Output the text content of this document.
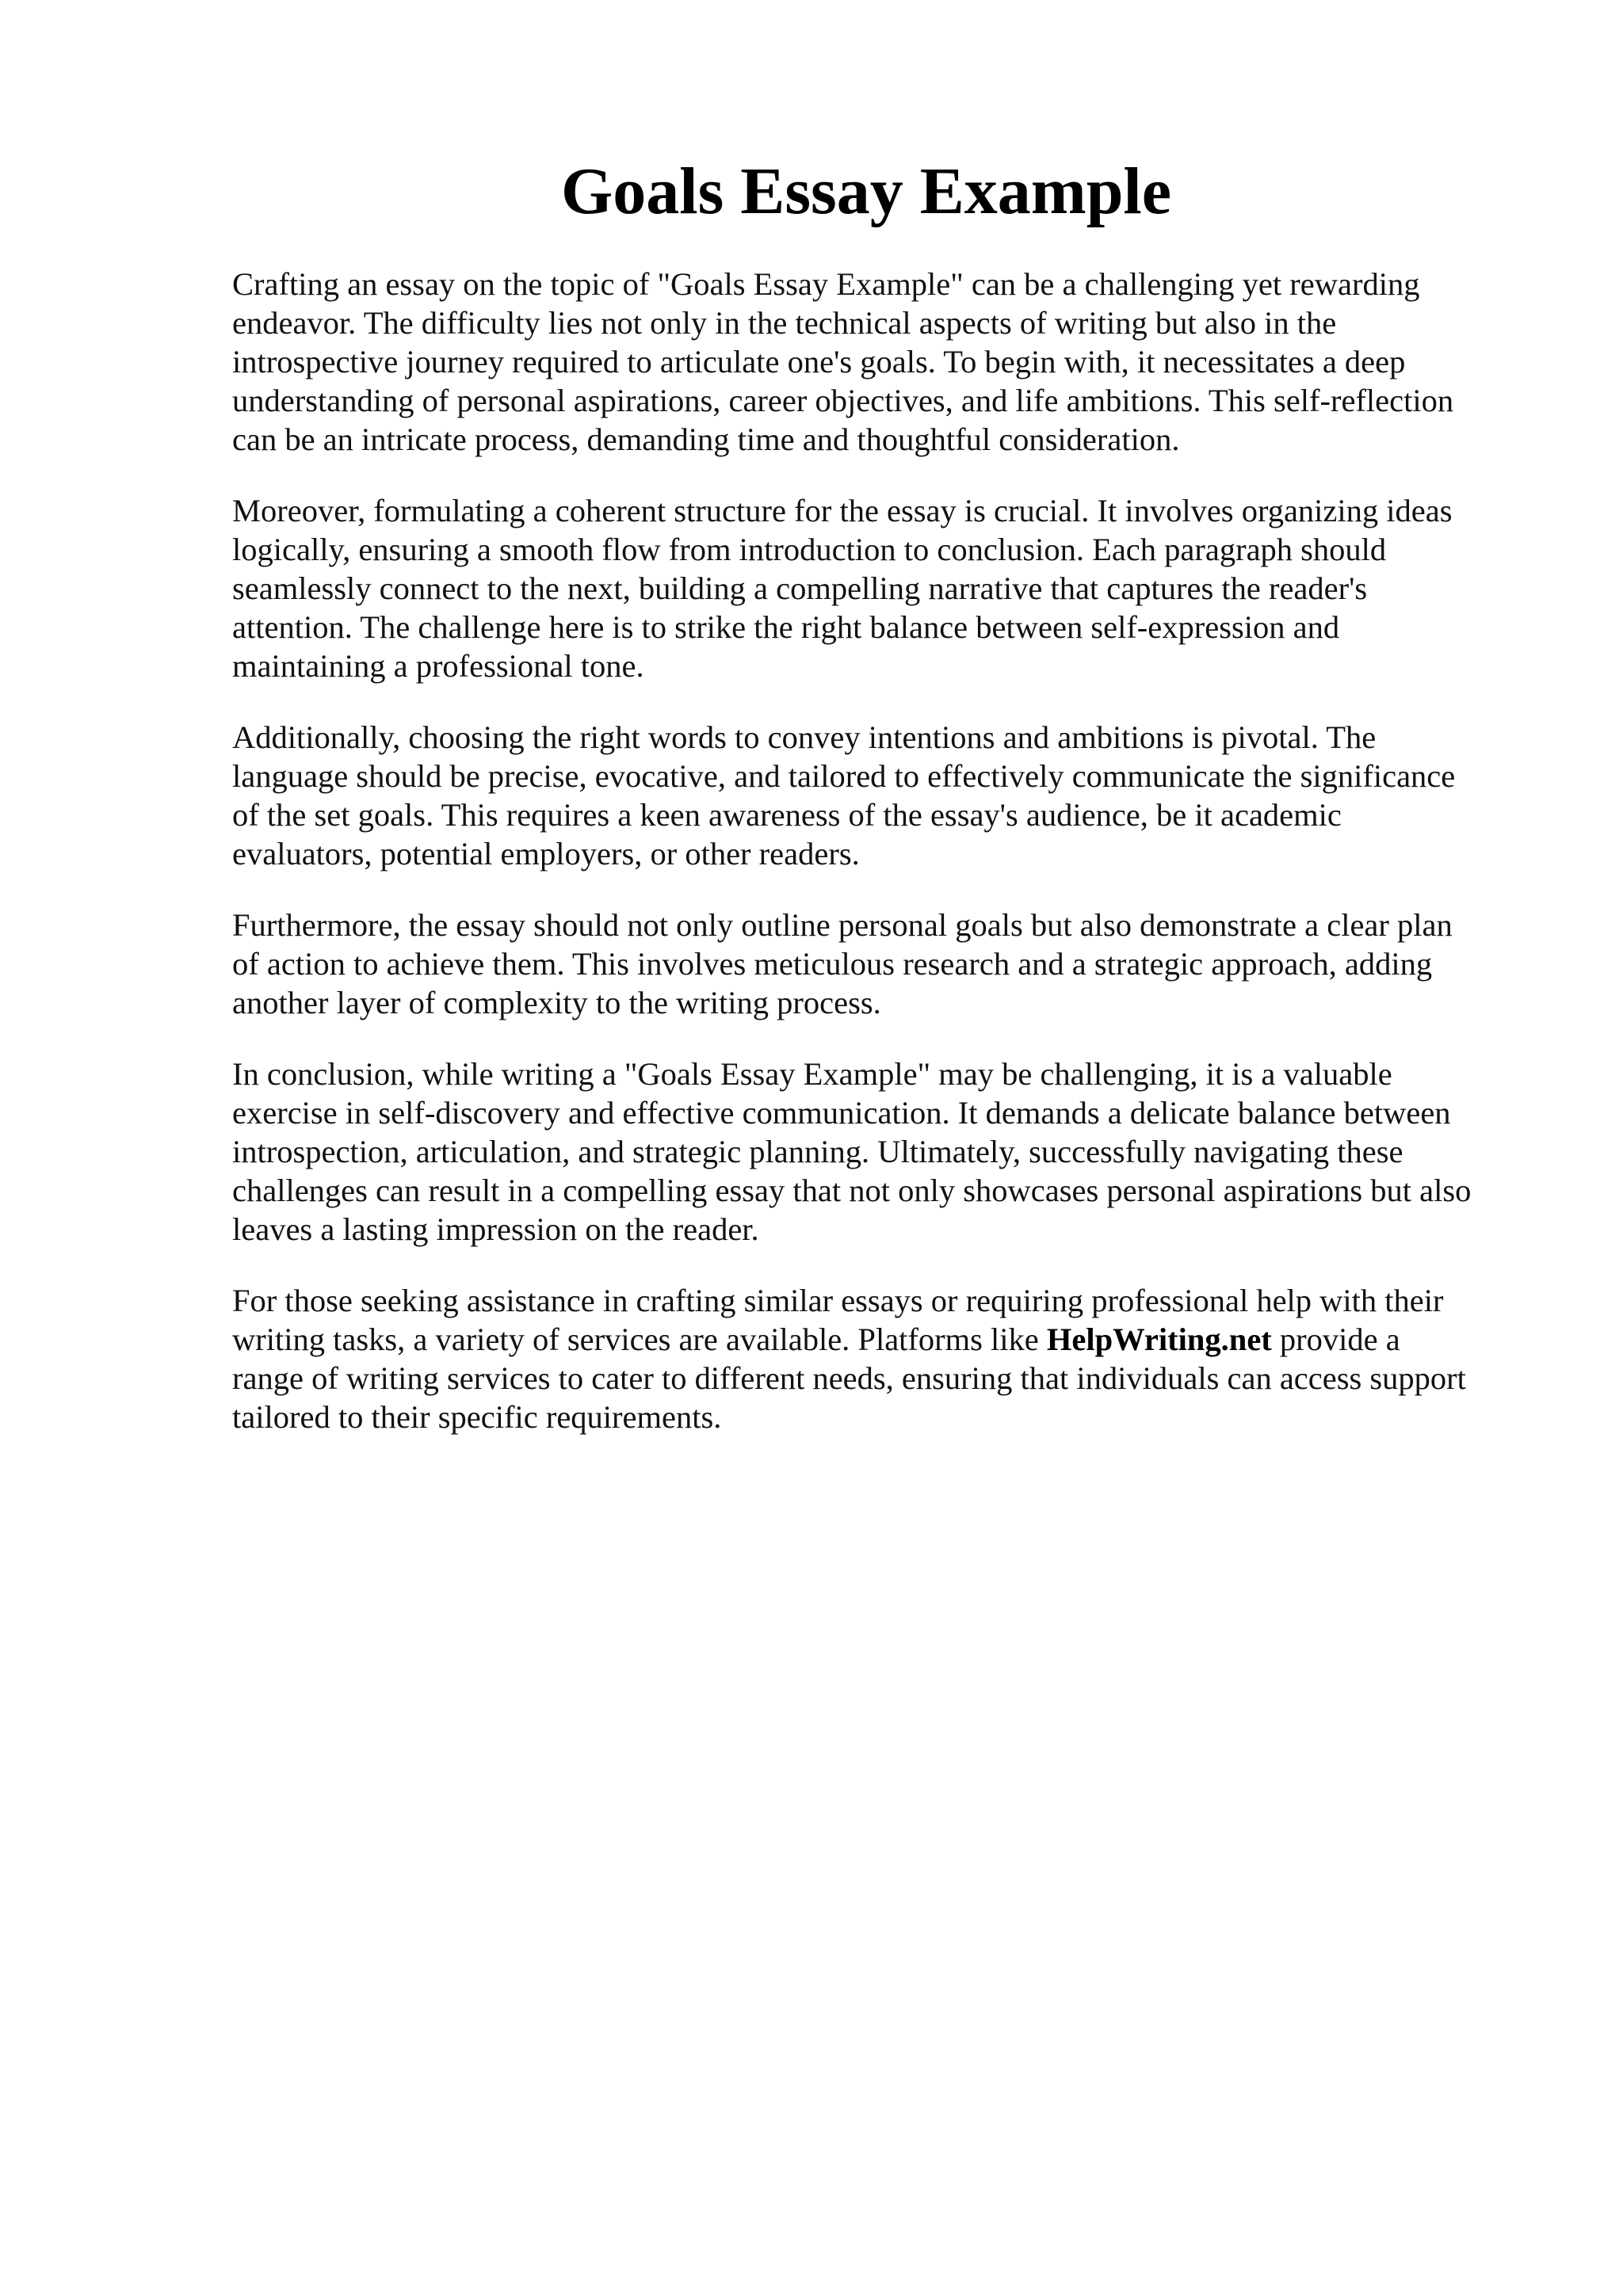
Goals Essay Example

Crafting an essay on the topic of "Goals Essay Example" can be a challenging yet rewarding
endeavor. The difficulty lies not only in the technical aspects of writing but also in the
introspective journey required to articulate one's goals. To begin with, it necessitates a deep
understanding of personal aspirations, career objectives, and life ambitions. This self-reflection
can be an intricate process, demanding time and thoughtful consideration.

Moreover, formulating a coherent structure for the essay is crucial. It involves organizing ideas
logically, ensuring a smooth flow from introduction to conclusion. Each paragraph should
seamlessly connect to the next, building a compelling narrative that captures the reader's
attention. The challenge here is to strike the right balance between self-expression and
maintaining a professional tone.

Additionally, choosing the right words to convey intentions and ambitions is pivotal. The
language should be precise, evocative, and tailored to effectively communicate the significance
of the set goals. This requires a keen awareness of the essay's audience, be it academic
evaluators, potential employers, or other readers.

Furthermore, the essay should not only outline personal goals but also demonstrate a clear plan
of action to achieve them. This involves meticulous research and a strategic approach, adding
another layer of complexity to the writing process.

In conclusion, while writing a "Goals Essay Example" may be challenging, it is a valuable
exercise in self-discovery and effective communication. It demands a delicate balance between
introspection, articulation, and strategic planning. Ultimately, successfully navigating these
challenges can result in a compelling essay that not only showcases personal aspirations but also
leaves a lasting impression on the reader.

For those seeking assistance in crafting similar essays or requiring professional help with their
writing tasks, a variety of services are available. Platforms like HelpWriting.net provide a
range of writing services to cater to different needs, ensuring that individuals can access support
tailored to their specific requirements.
